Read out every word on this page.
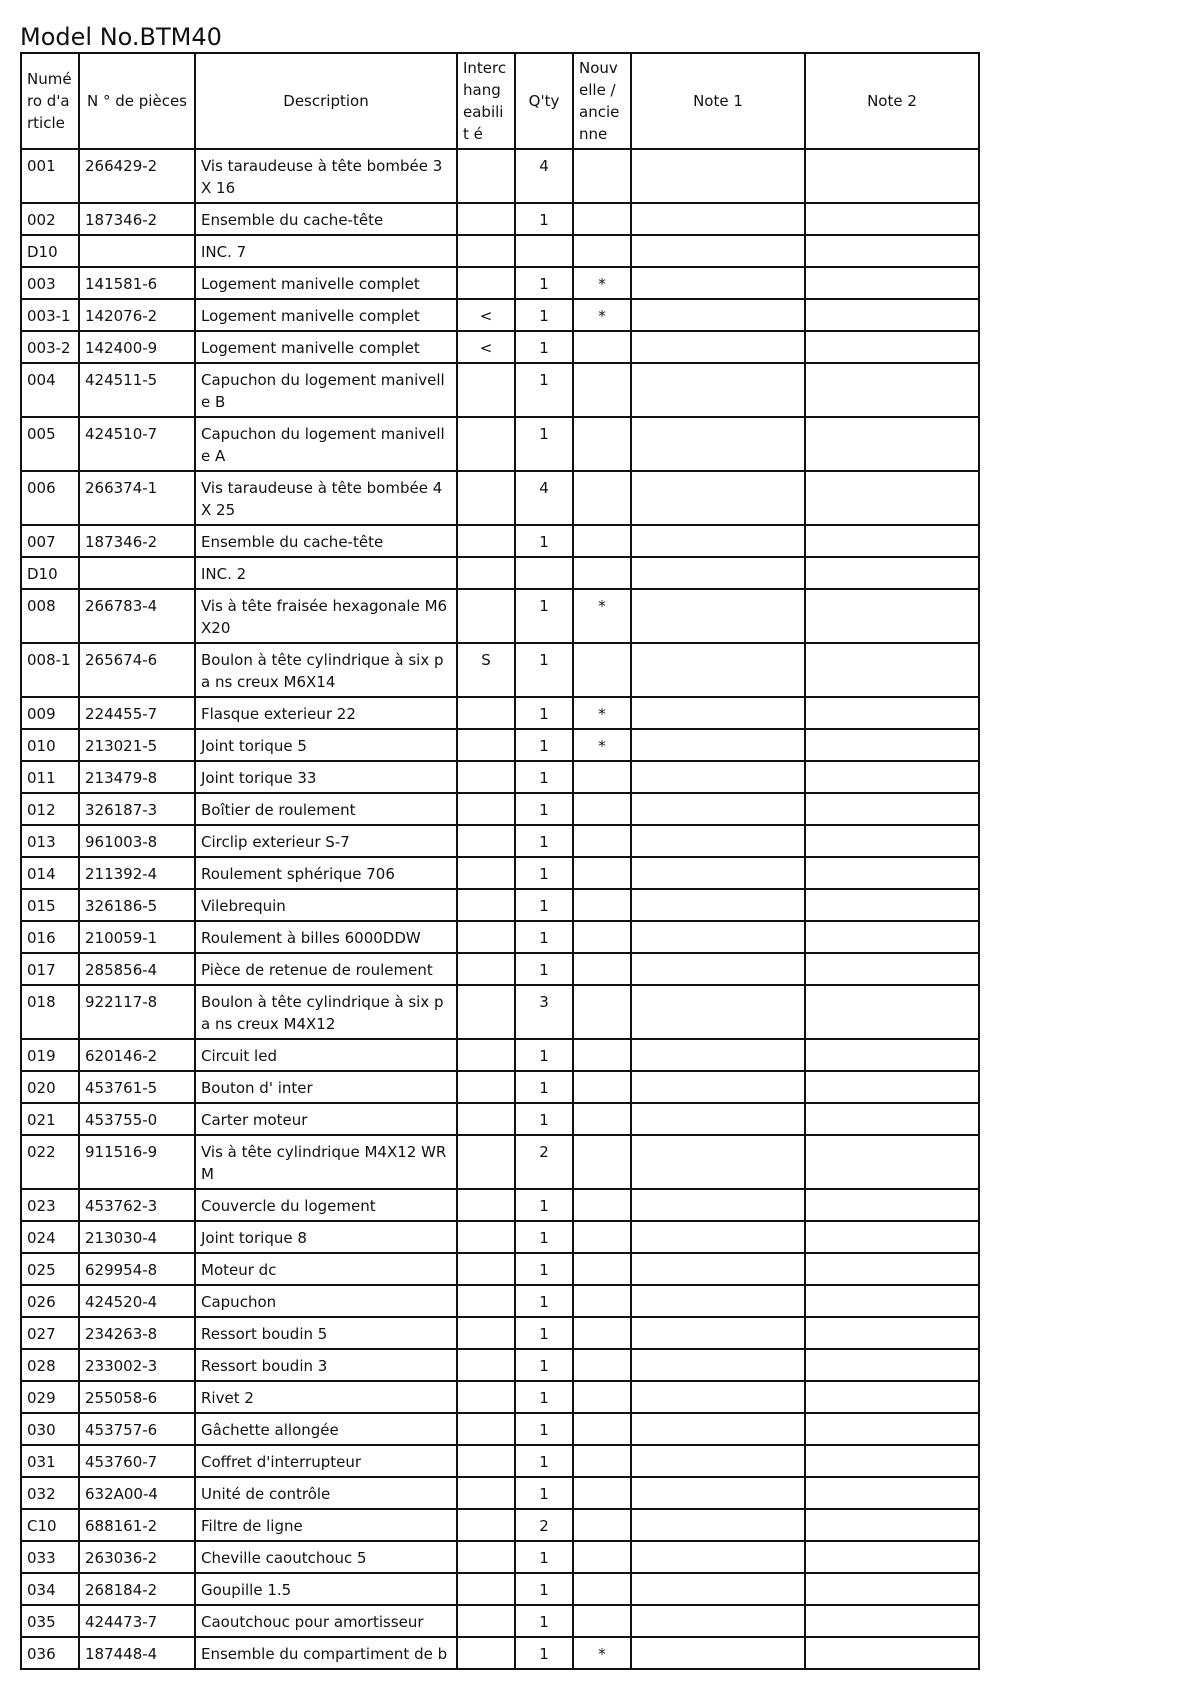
Model No.BTM40
Numé ro d'a rticle	N ° de pièces	Description	Interc hang eabilit é	Q'ty	Nouv elle / ancie nne	Note 1	Note 2
001	266429-2	Vis taraudeuse à tête bombée 3X 16		4			
002	187346-2	Ensemble du cache-tête		1			
D10		INC. 7					
003	141581-6	Logement manivelle complet		1	*		
003-1	142076-2	Logement manivelle complet	<	1	*		
003-2	142400-9	Logement manivelle complet	<	1			
004	424511-5	Capuchon du logement manivell e B		1			
005	424510-7	Capuchon du logement manivell e A		1			
006	266374-1	Vis taraudeuse à tête bombée 4X 25		4			
007	187346-2	Ensemble du cache-tête		1			
D10		INC. 2					
008	266783-4	Vis à tête fraisée hexagonale M6 X20		1	*		
008-1	265674-6	Boulon à tête cylindrique à six pa ns creux M6X14	S	1			
009	224455-7	Flasque exterieur 22		1	*		
010	213021-5	Joint torique 5		1	*		
011	213479-8	Joint torique 33		1			
012	326187-3	Boîtier de roulement		1			
013	961003-8	Circlip exterieur S-7		1			
014	211392-4	Roulement sphérique 706		1			
015	326186-5	Vilebrequin		1			
016	210059-1	Roulement à billes 6000DDW		1			
017	285856-4	Pièce de retenue de roulement		1			
018	922117-8	Boulon à tête cylindrique à six pa ns creux M4X12		3			
019	620146-2	Circuit led		1			
020	453761-5	Bouton d' inter		1			
021	453755-0	Carter moteur		1			
022	911516-9	Vis à tête cylindrique M4X12 WR M		2			
023	453762-3	Couvercle du logement		1			
024	213030-4	Joint torique 8		1			
025	629954-8	Moteur dc		1			
026	424520-4	Capuchon		1			
027	234263-8	Ressort boudin 5		1			
028	233002-3	Ressort boudin 3		1			
029	255058-6	Rivet 2		1			
030	453757-6	Gâchette allongée		1			
031	453760-7	Coffret d'interrupteur		1			
032	632A00-4	Unité de contrôle		1			
C10	688161-2	Filtre de ligne		2			
033	263036-2	Cheville caoutchouc 5		1			
034	268184-2	Goupille 1.5		1			
035	424473-7	Caoutchouc pour amortisseur		1			
036	187448-4	Ensemble du compartiment de b		1	*		
